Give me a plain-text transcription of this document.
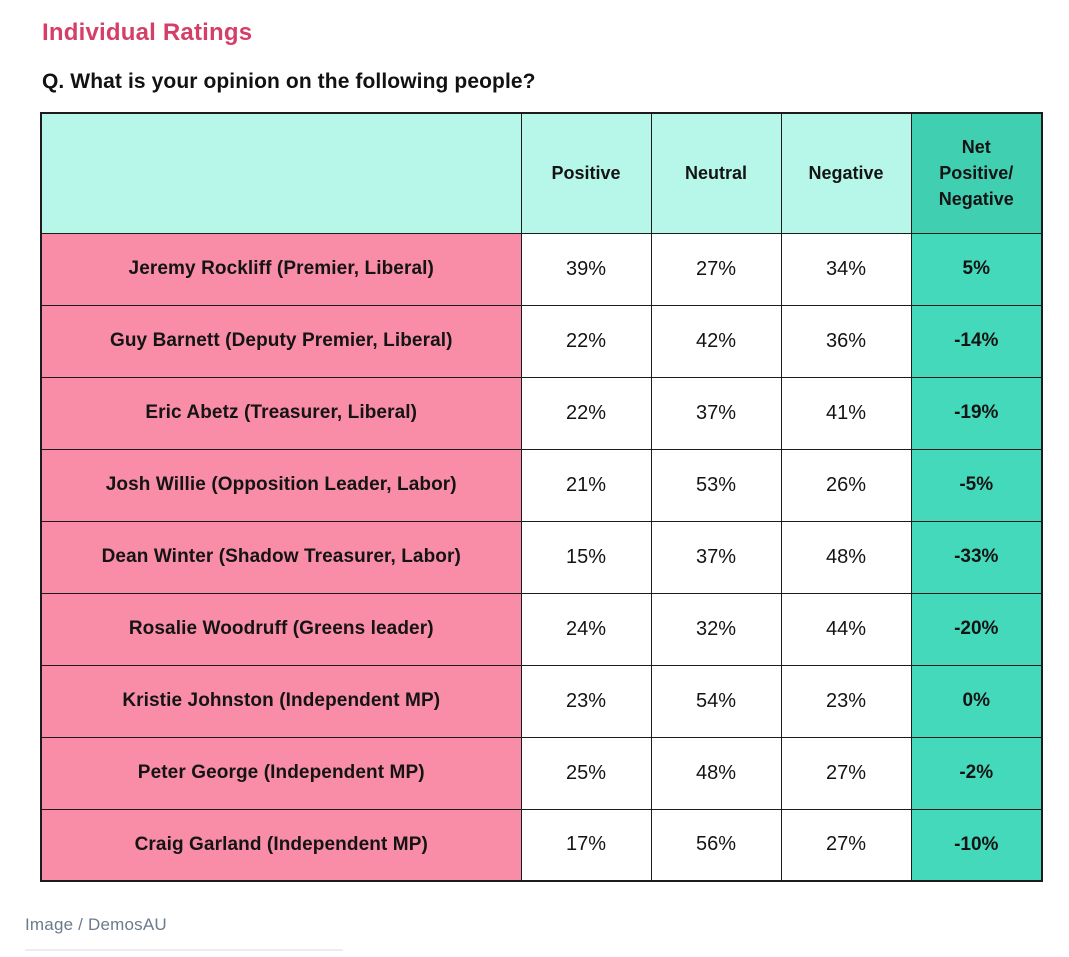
Individual Ratings
Q. What is your opinion on the following people?
	Positive	Neutral	Negative	Net Positive/ Negative
Jeremy Rockliff (Premier, Liberal)	39%	27%	34%	5%
Guy Barnett (Deputy Premier, Liberal)	22%	42%	36%	-14%
Eric Abetz (Treasurer, Liberal)	22%	37%	41%	-19%
Josh Willie (Opposition Leader, Labor)	21%	53%	26%	-5%
Dean Winter (Shadow Treasurer, Labor)	15%	37%	48%	-33%
Rosalie Woodruff (Greens leader)	24%	32%	44%	-20%
Kristie Johnston (Independent MP)	23%	54%	23%	0%
Peter George (Independent MP)	25%	48%	27%	-2%
Craig Garland (Independent MP)	17%	56%	27%	-10%
Image / DemosAU
